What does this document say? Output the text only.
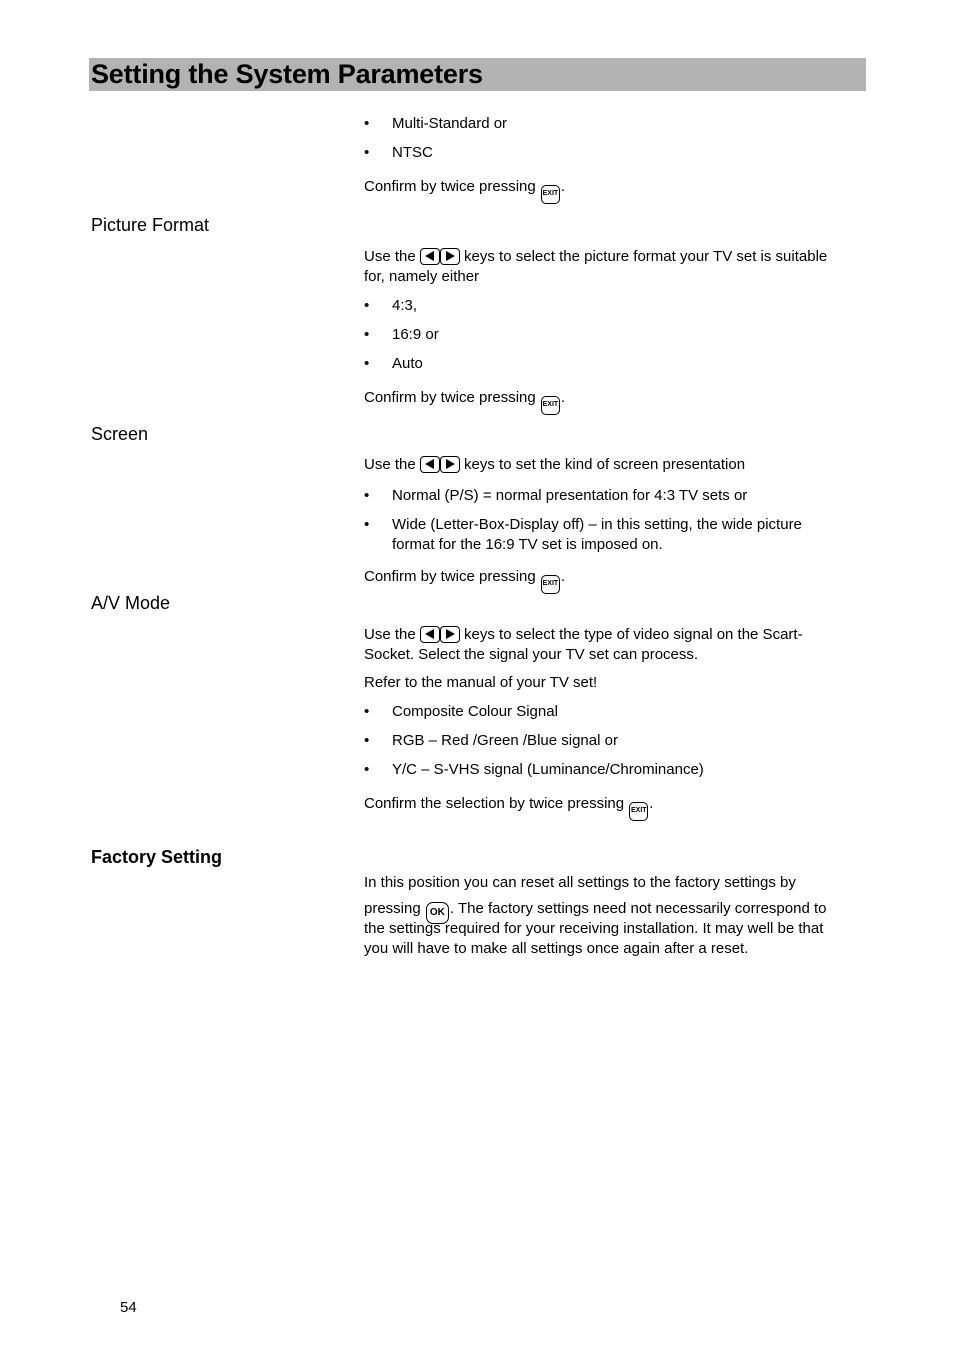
Setting the System Parameters
• Multi-Standard or
• NTSC
Confirm by twice pressing EXIT .
Picture Format
Use the	keys to select the picture format your TV set is suitable
for, namely either
• 4:3,
• 16:9 or
• Auto
Confirm by twice pressing EXIT .
Screen
Use the	keys to set the kind of screen presentation
• Normal (P/S) = normal presentation for 4:3 TV sets or
• Wide (Letter-Box-Display off) – in this setting, the wide picture format for the 16:9 TV set is imposed on.
Confirm by twice pressing EXIT .
A/V Mode
Use the	keys to select the type of video signal on the Scart-
Socket. Select the signal your TV set can process.
Refer to the manual of your TV set!
• Composite Colour Signal
• RGB – Red /Green /Blue signal or
• Y/C – S-VHS signal (Luminance/Chrominance)
Confirm the selection by twice pressing EXIT .
Factory Setting
In this position you can reset all settings to the factory settings by
pressing OK . The factory settings need not necessarily correspond to
the settings required for your receiving installation. It may well be that
you will have to make all settings once again after a reset.
54
